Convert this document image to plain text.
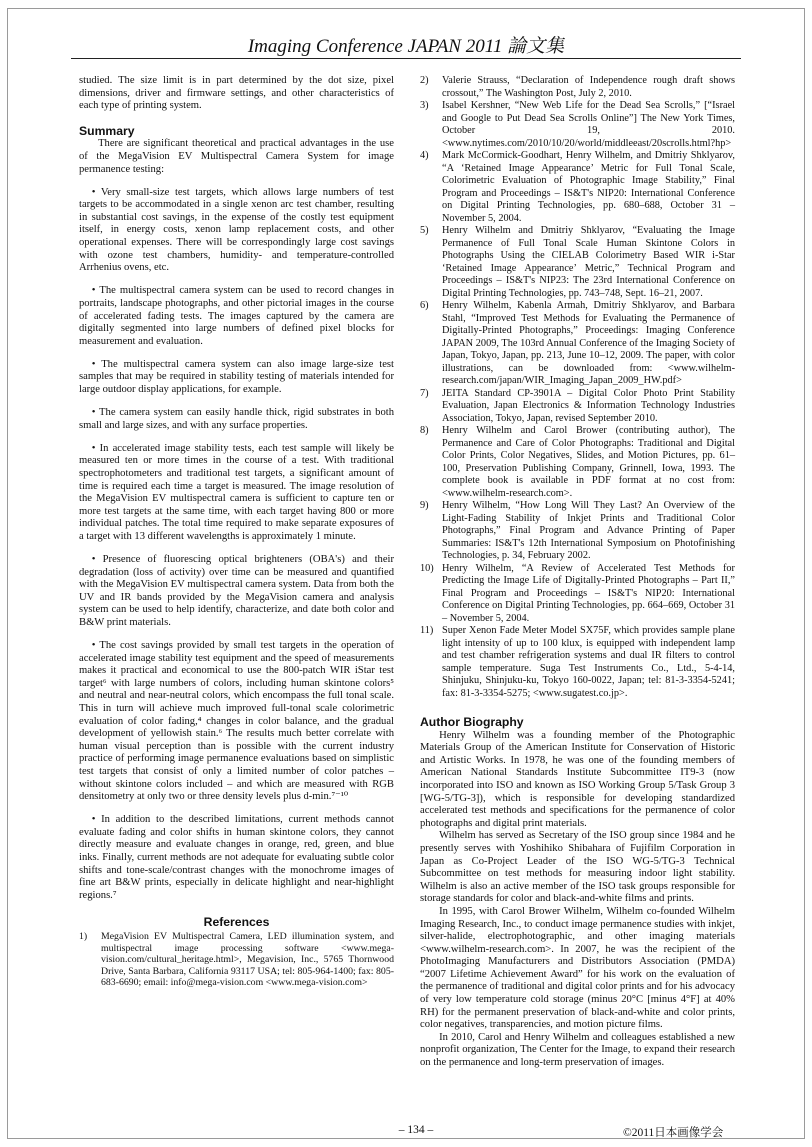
Imaging Conference JAPAN 2011 論文集

studied. The size limit is in part determined by the dot size, pixel dimensions, driver and firmware settings, and other characteristics of each type of printing system.

Summary

There are significant theoretical and practical advantages in the use of the MegaVision EV Multispectral Camera System for image permanence testing:

• Very small-size test targets, which allows large numbers of test targets to be accommodated in a single xenon arc test chamber, resulting in substantial cost savings, in the expense of the costly test equipment itself, in energy costs, xenon lamp replacement costs, and other operational expenses. There will be correspondingly large cost savings with ozone test chambers, humidity- and temperature-controlled Arrhenius ovens, etc.

• The multispectral camera system can be used to record changes in portraits, landscape photographs, and other pictorial images in the course of accelerated fading tests. The images captured by the camera are digitally segmented into large numbers of defined pixel blocks for measurement and evaluation.

• The multispectral camera system can also image large-size test samples that may be required in stability testing of materials intended for large outdoor display applications, for example.

• The camera system can easily handle thick, rigid substrates in both small and large sizes, and with any surface properties.

• In accelerated image stability tests, each test sample will likely be measured ten or more times in the course of a test. With traditional spectrophotometers and traditional test targets, a significant amount of time is required each time a target is measured. The image resolution of the MegaVision EV multispectral camera is sufficient to capture ten or more test targets at the same time, with each target having 800 or more individual patches. The total time required to make separate exposures of a target with 13 different wavelengths is approximately 1 minute.

• Presence of fluorescing optical brighteners (OBA's) and their degradation (loss of activity) over time can be measured and quantified with the MegaVision EV multispectral camera system. Data from both the UV and IR bands provided by the MegaVision camera and analysis system can be used to help identify, characterize, and date both color and B&W print materials.

• The cost savings provided by small test targets in the operation of accelerated image stability test equipment and the speed of measurements makes it practical and economical to use the 800-patch WIR iStar test target⁶ with large numbers of colors, including human skintone colors⁵ and neutral and near-neutral colors, which encompass the full tonal scale. This in turn will achieve much improved full-tonal scale colorimetric evaluation of color fading,⁴ changes in color balance, and the gradual development of yellowish stain.⁶ The results much better correlate with human visual perception than is possible with the current industry practice of performing image permanence evaluations based on simplistic test targets that consist of only a limited number of color patches – without skintone colors included – and which are measured with RGB densitometry at only two or three density levels plus d-min.⁷⁻¹⁰

• In addition to the described limitations, current methods cannot evaluate fading and color shifts in human skintone colors, they cannot directly measure and evaluate changes in orange, red, green, and blue inks. Finally, current methods are not adequate for evaluating subtle color shifts and tone-scale/contrast changes with the monochrome images of fine art B&W prints, especially in delicate highlight and near-highlight regions.⁷

References
1)	MegaVision EV Multispectral Camera, LED illumination system, and multispectral image processing software <www.mega-vision.com/cultural_heritage.html>, Megavision, Inc., 5765 Thornwood Drive, Santa Barbara, California 93117 USA; tel: 805-964-1400; fax: 805-683-6690; email: info@mega-vision.com <www.mega-vision.com>
2)	Valerie Strauss, “Declaration of Independence rough draft shows crossout,” The Washington Post, July 2, 2010.
3)	Isabel Kershner, “New Web Life for the Dead Sea Scrolls,” [“Israel and Google to Put Dead Sea Scrolls Online”] The New York Times, October 19, 2010. <www.nytimes.com/2010/10/20/world/middleeast/20scrolls.html?hp>
4)	Mark McCormick-Goodhart, Henry Wilhelm, and Dmitriy Shklyarov, “A ‘Retained Image Appearance’ Metric for Full Tonal Scale, Colorimetric Evaluation of Photographic Image Stability,” Final Program and Proceedings – IS&T's NIP20: International Conference on Digital Printing Technologies, pp. 680–688, October 31 – November 5, 2004.
5)	Henry Wilhelm and Dmitriy Shklyarov, “Evaluating the Image Permanence of Full Tonal Scale Human Skintone Colors in Photographs Using the CIELAB Colorimetry Based WIR i-Star ‘Retained Image Appearance’ Metric,” Technical Program and Proceedings – IS&T's NIP23: The 23rd International Conference on Digital Printing Technologies, pp. 743–748, Sept. 16–21, 2007.
6)	Henry Wilhelm, Kabenla Armah, Dmitriy Shklyarov, and Barbara Stahl, “Improved Test Methods for Evaluating the Permanence of Digitally-Printed Photographs,” Proceedings: Imaging Conference JAPAN 2009, The 103rd Annual Conference of the Imaging Society of Japan, Tokyo, Japan, pp. 213, June 10–12, 2009. The paper, with color illustrations, can be downloaded from: <www.wilhelm-research.com/japan/WIR_Imaging_Japan_2009_HW.pdf>
7)	JEITA Standard CP-3901A – Digital Color Photo Print Stability Evaluation, Japan Electronics & Information Technology Industries Association, Tokyo, Japan, revised September 2010.
8)	Henry Wilhelm and Carol Brower (contributing author), The Permanence and Care of Color Photographs: Traditional and Digital Color Prints, Color Negatives, Slides, and Motion Pictures, pp. 61–100, Preservation Publishing Company, Grinnell, Iowa, 1993. The complete book is available in PDF format at no cost from: <www.wilhelm-research.com>.
9)	Henry Wilhelm, “How Long Will They Last? An Overview of the Light-Fading Stability of Inkjet Prints and Traditional Color Photographs,” Final Program and Advance Printing of Paper Summaries: IS&T's 12th International Symposium on Photofinishing Technologies, p. 34, February 2002.
10) Henry Wilhelm, “A Review of Accelerated Test Methods for Predicting the Image Life of Digitally-Printed Photographs – Part II,” Final Program and Proceedings – IS&T's NIP20: International Conference on Digital Printing Technologies, pp. 664–669, October 31 – November 5, 2004.
11) Super Xenon Fade Meter Model SX75F, which provides sample plane light intensity of up to 100 klux, is equipped with independent lamp and test chamber refrigeration systems and dual IR filters to control sample temperature. Suga Test Instruments Co., Ltd., 5-4-14, Shinjuku, Shinjuku-ku, Tokyo 160-0022, Japan; tel: 81-3-3354-5241; fax: 81-3-3354-5275; <www.sugatest.co.jp>.
Author Biography

Henry Wilhelm was a founding member of the Photographic Materials Group of the American Institute for Conservation of Historic and Artistic Works. In 1978, he was one of the founding members of American National Standards Institute Subcommittee IT9-3 (now incorporated into ISO and known as ISO Working Group 5/Task Group 3 [WG-5/TG-3]), which is responsible for developing standardized accelerated test methods and specifications for the permanence of color photographs and digital print materials.

Wilhelm has served as Secretary of the ISO group since 1984 and he presently serves with Yoshihiko Shibahara of Fujifilm Corporation in Japan as Co-Project Leader of the ISO WG-5/TG-3 Technical Subcommittee on test methods for measuring indoor light stability. Wilhelm is also an active member of the ISO task groups responsible for storage standards for color and black-and-white films and prints.

In 1995, with Carol Brower Wilhelm, Wilhelm co-founded Wilhelm Imaging Research, Inc., to conduct image permanence studies with inkjet, silver-halide, electrophotographic, and other imaging materials <www.wilhelm-research.com>. In 2007, he was the recipient of the PhotoImaging Manufacturers and Distributors Association (PMDA) “2007 Lifetime Achievement Award” for his work on the evaluation of the permanence of traditional and digital color prints and for his advocacy of very low temperature cold storage (minus 20°C [minus 4°F] at 40% RH) for the permanent preservation of black-and-white and color prints, color negatives, transparencies, and motion picture films.

In 2010, Carol and Henry Wilhelm and colleagues established a new nonprofit organization, The Center for the Image, to expand their research on the permanence and long-term preservation of images.

– 134 –	©2011日本画像学会
